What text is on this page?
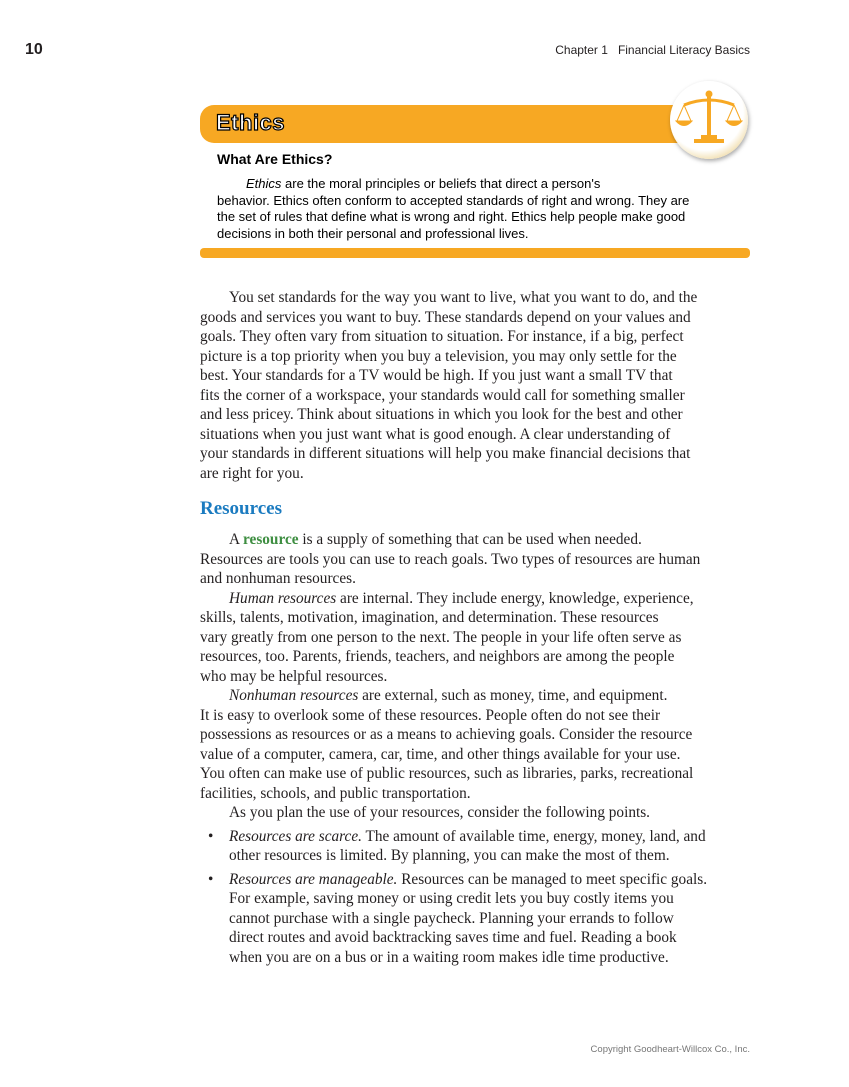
10	Chapter 1 Financial Literacy Basics
Ethics
What Are Ethics?
Ethics are the moral principles or beliefs that direct a person's
behavior. Ethics often conform to accepted standards of right and wrong. They are
the set of rules that define what is wrong and right. Ethics help people make good
decisions in both their personal and professional lives.
You set standards for the way you want to live, what you want to do, and the
goods and services you want to buy. These standards depend on your values and
goals. They often vary from situation to situation. For instance, if a big, perfect
picture is a top priority when you buy a television, you may only settle for the
best. Your standards for a TV would be high. If you just want a small TV that
fits the corner of a workspace, your standards would call for something smaller
and less pricey. Think about situations in which you look for the best and other
situations when you just want what is good enough. A clear understanding of
your standards in different situations will help you make financial decisions that
are right for you.
Resources
A resource is a supply of something that can be used when needed.
Resources are tools you can use to reach goals. Two types of resources are human
and nonhuman resources.
Human resources are internal. They include energy, knowledge, experience,
skills, talents, motivation, imagination, and determination. These resources
vary greatly from one person to the next. The people in your life often serve as
resources, too. Parents, friends, teachers, and neighbors are among the people
who may be helpful resources.
Nonhuman resources are external, such as money, time, and equipment.
It is easy to overlook some of these resources. People often do not see their
possessions as resources or as a means to achieving goals. Consider the resource
value of a computer, camera, car, time, and other things available for your use.
You often can make use of public resources, such as libraries, parks, recreational
facilities, schools, and public transportation.
As you plan the use of your resources, consider the following points.
• Resources are scarce. The amount of available time, energy, money, land, and
other resources is limited. By planning, you can make the most of them.
• Resources are manageable. Resources can be managed to meet specific goals.
For example, saving money or using credit lets you buy costly items you
cannot purchase with a single paycheck. Planning your errands to follow
direct routes and avoid backtracking saves time and fuel. Reading a book
when you are on a bus or in a waiting room makes idle time productive.
Copyright Goodheart-Willcox Co., Inc.
